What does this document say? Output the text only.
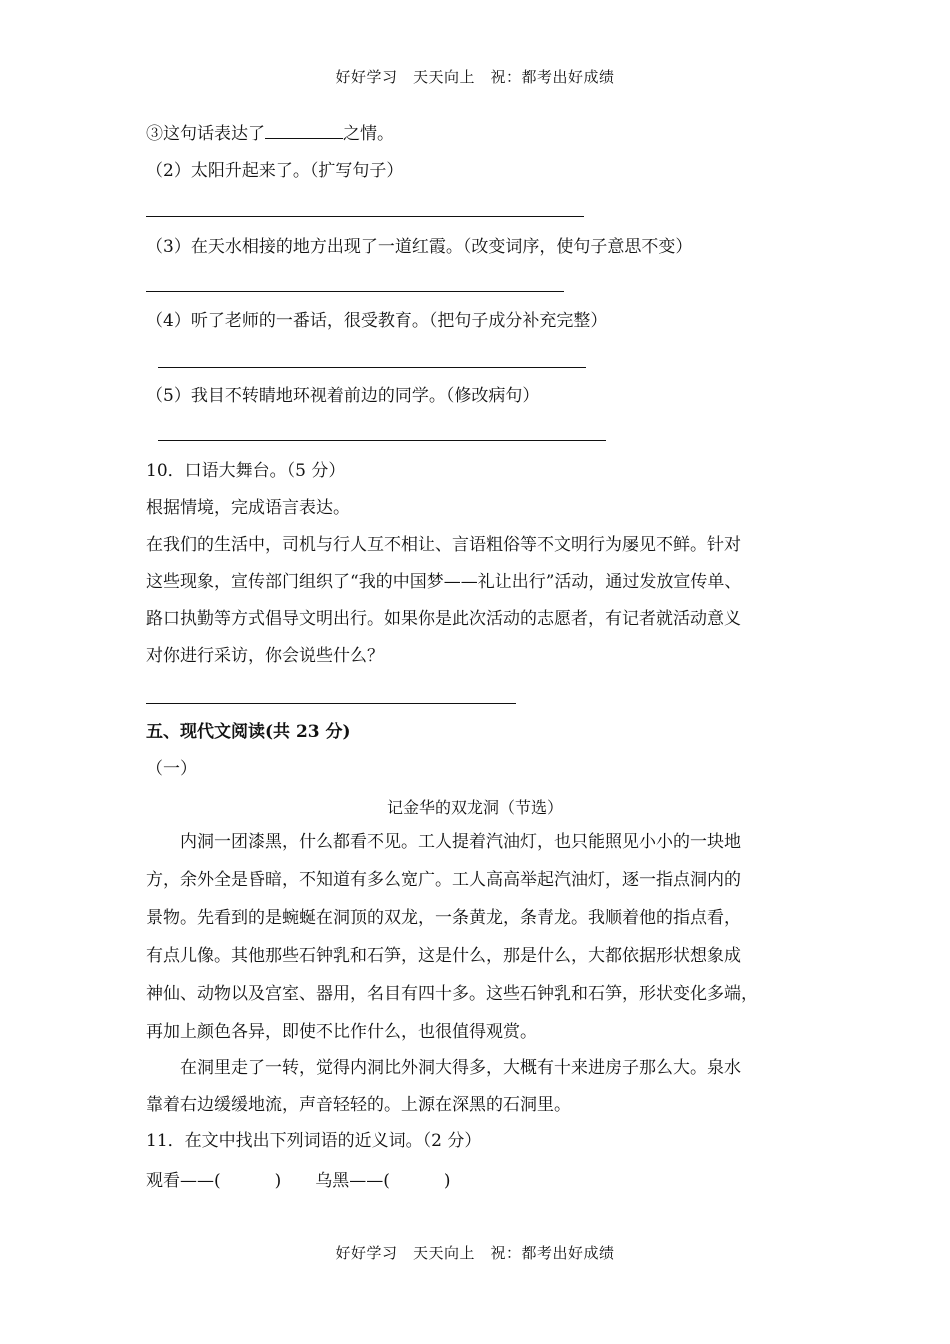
好好学习　天天向上　祝：都考出好成绩
③这句话表达了	之情。
（2）太阳升起来了。（扩写句子）
（3）在天水相接的地方出现了一道红霞。（改变词序，使句子意思不变）
（4）听了老师的一番话，很受教育。（把句子成分补充完整）
（5）我目不转睛地环视着前边的同学。（修改病句）
10．口语大舞台。（5 分）
根据情境，完成语言表达。
在我们的生活中，司机与行人互不相让、言语粗俗等不文明行为屡见不鲜。针对
这些现象，宣传部门组织了“我的中国梦——礼让出行”活动，通过发放宣传单、
路口执勤等方式倡导文明出行。如果你是此次活动的志愿者，有记者就活动意义
对你进行采访，你会说些什么？
五、现代文阅读(共 23 分)
（一）
记金华的双龙洞（节选）
内洞一团漆黑，什么都看不见。工人提着汽油灯，也只能照见小小的一块地
方，余外全是昏暗，不知道有多么宽广。工人高高举起汽油灯，逐一指点洞内的
景物。先看到的是蜿蜒在洞顶的双龙，一条黄龙，条青龙。我顺着他的指点看，
有点儿像。其他那些石钟乳和石笋，这是什么，那是什么，大都依据形状想象成
神仙、动物以及宫室、器用，名目有四十多。这些石钟乳和石笋，形状变化多端，
再加上颜色各异，即使不比作什么，也很值得观赏。
在洞里走了一转，觉得内洞比外洞大得多，大概有十来进房子那么大。泉水
靠着右边缓缓地流，声音轻轻的。上源在深黑的石洞里。
11．在文中找出下列词语的近义词。（2 分）
观看——(	) 乌黑——(	)
好好学习　天天向上　祝：都考出好成绩
